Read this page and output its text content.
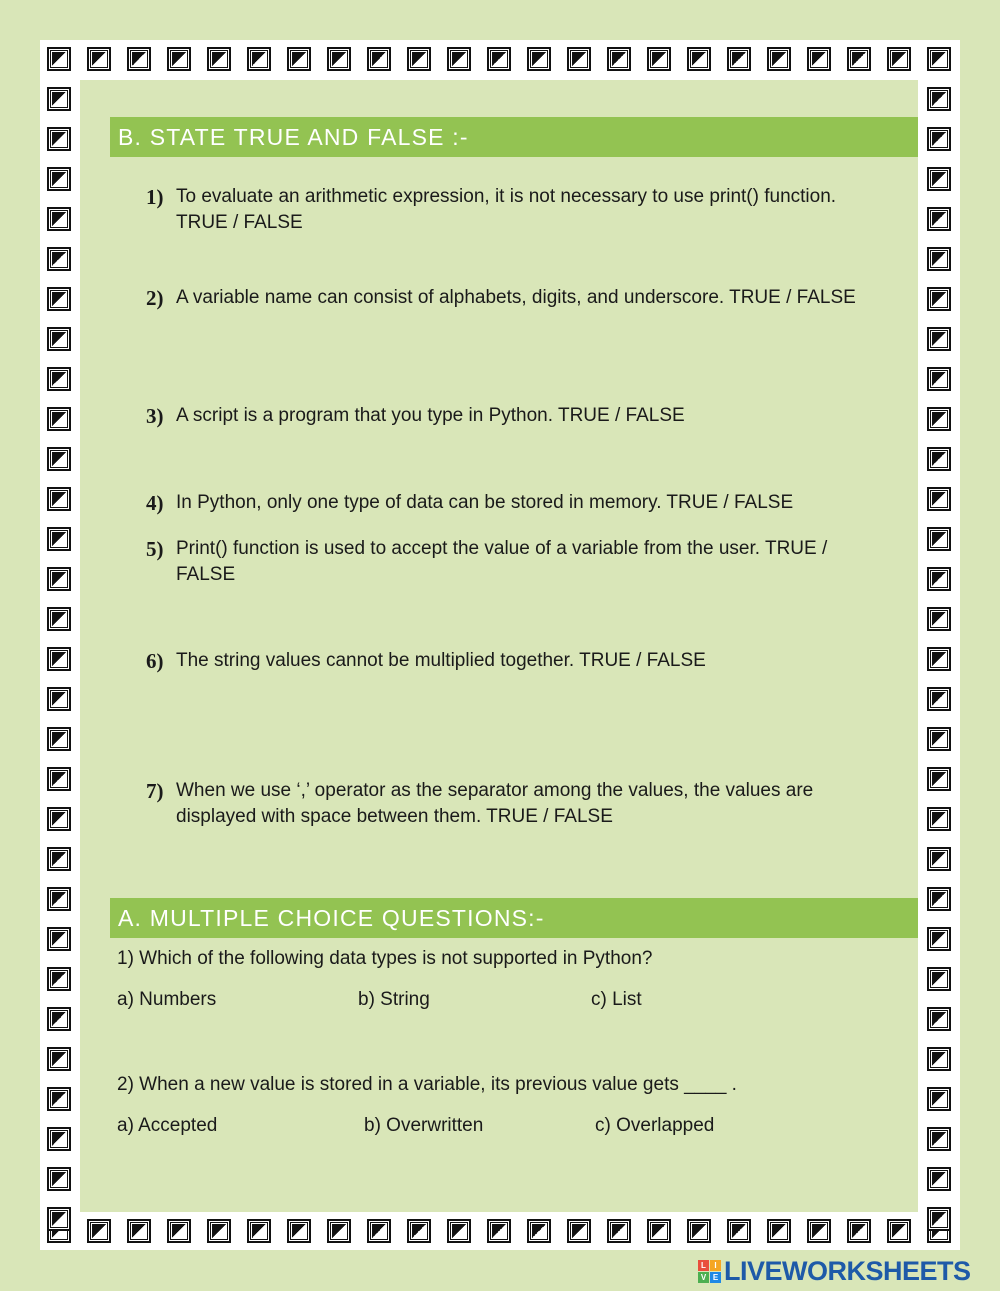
B. STATE TRUE AND FALSE :-
1) To evaluate an arithmetic expression, it is not necessary to use print() function. TRUE / FALSE
2) A variable name can consist of alphabets, digits, and underscore. TRUE / FALSE
3) A script is a program that you type in Python. TRUE / FALSE
4) In Python, only one type of data can be stored in memory. TRUE / FALSE
5) Print() function is used to accept the value of a variable from the user. TRUE / FALSE
6) The string values cannot be multiplied together. TRUE / FALSE
7) When we use ‘,’ operator as the separator among the values, the values are displayed with space between them. TRUE / FALSE
A. MULTIPLE CHOICE QUESTIONS:-
1) Which of the following data types is not supported in Python?
a) Numbers	b) String	c) List
2) When a new value is stored in a variable, its previous value gets ____ .
a) Accepted	b) Overwritten	c) Overlapped
L	I
V E LIVEWORKSHEETS
